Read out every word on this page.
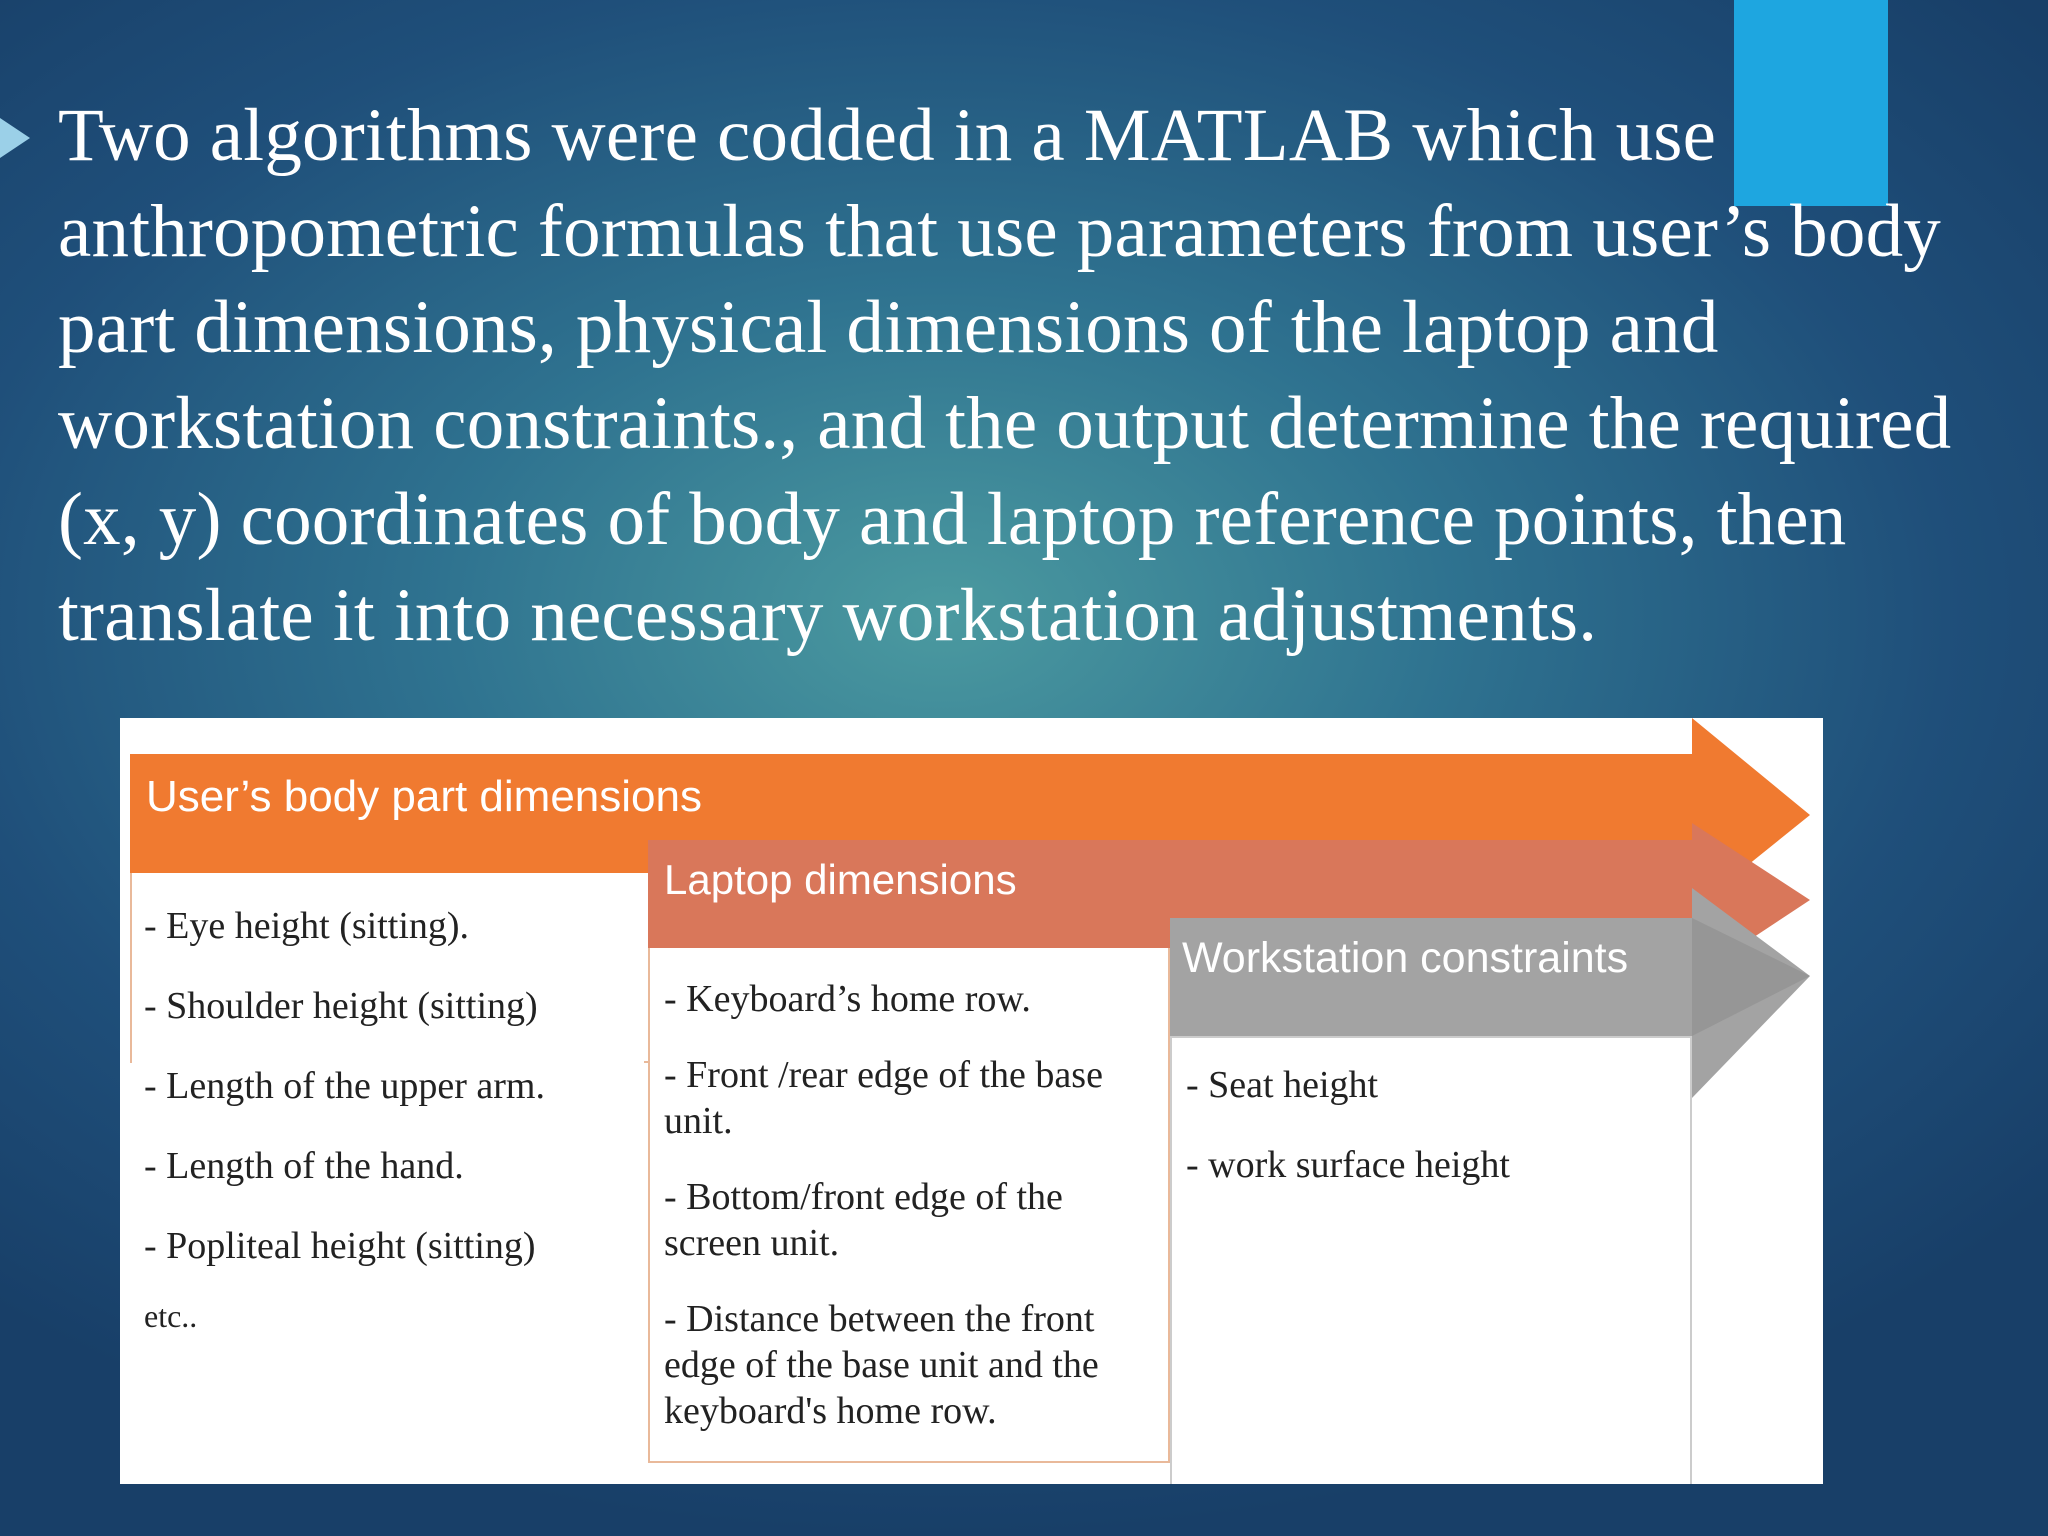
Two algorithms were codded in a MATLAB which use anthropometric formulas that use parameters from user’s body part dimensions, physical dimensions of the laptop and workstation constraints., and the output determine the required (x, y) coordinates of body and laptop reference points, then translate it into necessary workstation adjustments.

User’s body part dimensions
Laptop dimensions
Workstation constraints

- Eye height (sitting).

- Shoulder height (sitting)

- Length of the upper arm.

- Length of the hand.

- Popliteal height (sitting)

etc..

- Keyboard’s home row.

- Front /rear edge of the base unit.

- Bottom/front edge of the screen unit.

- Distance between the front edge of the base unit and the keyboard's home row.

- Seat height

- work surface height
